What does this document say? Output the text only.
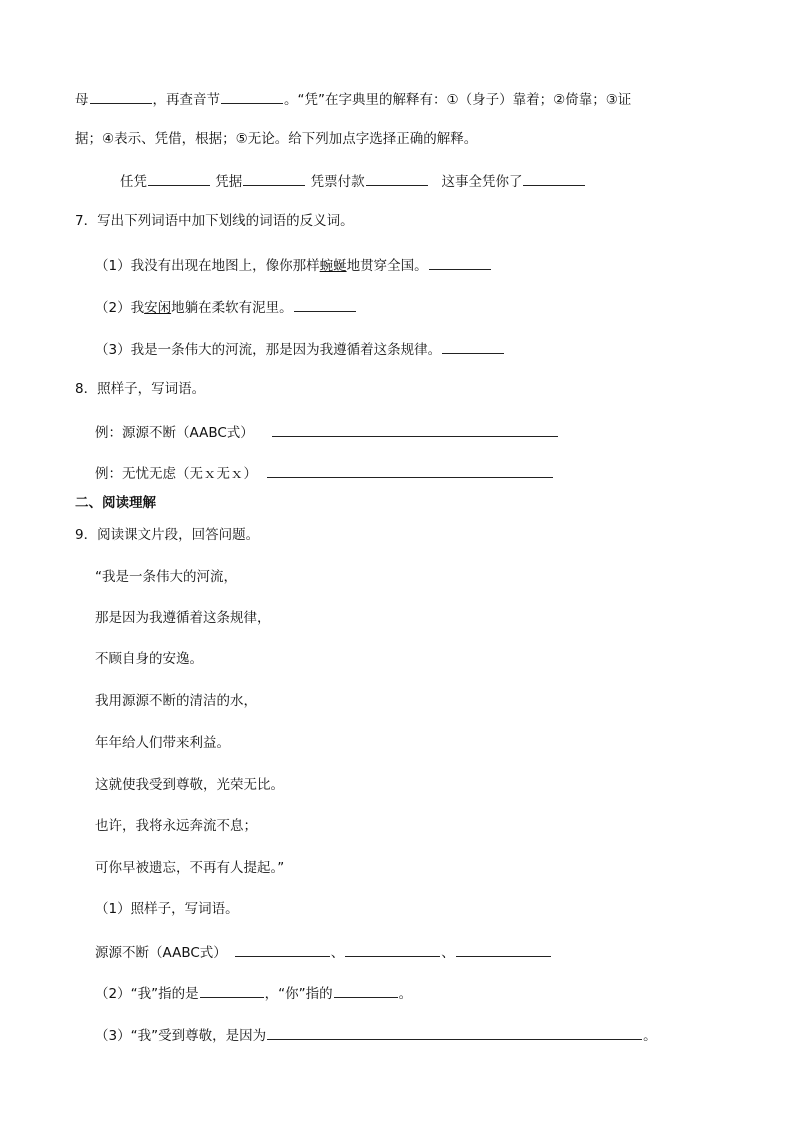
母	，再查音节	。“凭”在字典里的解释有：①（身子）靠着；②倚靠；③证
据；④表示、凭借，根据；⑤无论。给下列加点字选择正确的解释。
任凭	凭据	凭票付款	这事全凭你了
7．写出下列词语中加下划线的词语的反义词。
（1）我没有出现在地图上，像你那样蜿蜒地贯穿全国。
（2）我安闲地躺在柔软有泥里。
（3）我是一条伟大的河流，那是因为我遵循着这条规律。
8．照样子，写词语。
例：源源不断（AABC式）
例：无忧无虑（无ｘ无ｘ）
二、阅读理解
9．阅读课文片段，回答问题。
“我是一条伟大的河流，
那是因为我遵循着这条规律，
不顾自身的安逸。
我用源源不断的清洁的水，
年年给人们带来利益。
这就使我受到尊敬，光荣无比。
也许，我将永远奔流不息；
可你早被遗忘，不再有人提起。”
（1）照样子，写词语。
源源不断（AABC式）	、	、
（2）“我”指的是	，“你”指的	。
（3）“我”受到尊敬，是因为	。
